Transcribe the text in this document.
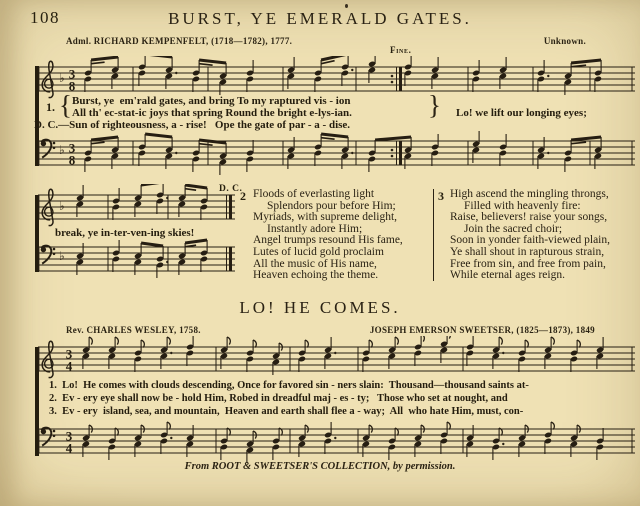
108	BURST, YE EMERALD GATES.
Adml. RICHARD KEMPENFELT, (1718—1782), 1777.	Unknown.
Fine.
♭ 3
8
1. { Burst, ye  em'rald gates, and bring To my raptured vis - ion
All th' ec-stat-ic joys that spring Round the bright e-lys-ian.	} Lo! we lift our longing eyes;
D. C.—Sun of righteousness, a - rise!   Ope the gate of par - a - dise.
♭ 3
8
♭
D. C.
break, ye in-ter-ven-ing skies!
♭
2 Floods of everlasting light
Splendors pour before Him;
Myriads, with supreme delight,
Instantly adore Him;
Angel trumps resound His fame,
Lutes of lucid gold proclaim
All the music of His name,
Heaven echoing the theme.
3 High ascend the mingling throngs,
Filled with heavenly fire:
Raise, believers! raise your songs,
Join the sacred choir;
Soon in yonder faith-viewed plain,
Ye shall shout in rapturous strain,
Free from sin, and free from pain,
While eternal ages reign.
LO! HE COMES.
Rev. CHARLES WESLEY, 1758.	JOSEPH EMERSON SWEETSER, (1825—1873), 1849
3
4
1.  Lo!  He comes with clouds descending, Once for favored sin - ners slain:  Thousand—thousand saints at-
2.  Ev - ery eye shall now be - hold Him, Robed in dreadful maj - es - ty;   Those who set at nought, and
3.  Ev - ery  island, sea, and mountain,  Heaven and earth shall flee a - way;  All  who hate Him, must, con-
3
4
From ROOT & SWEETSER'S COLLECTION, by permission.
